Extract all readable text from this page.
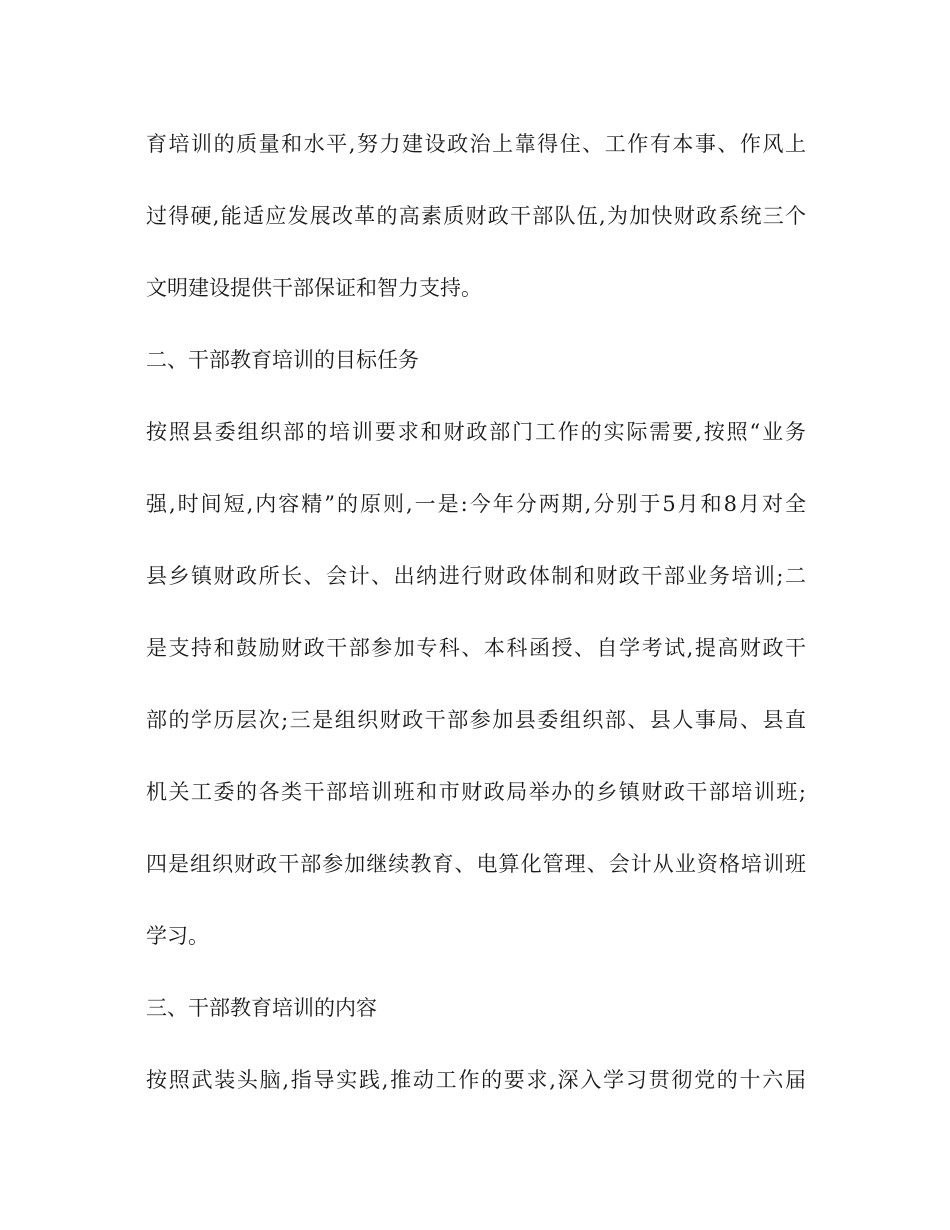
育培训的质量和水平,努力建设政治上靠得住、工作有本事、作风上
过得硬,能适应发展改革的高素质财政干部队伍,为加快财政系统三个
文明建设提供干部保证和智力支持。
二、干部教育培训的目标任务
按照县委组织部的培训要求和财政部门工作的实际需要,按照“业务
强,时间短,内容精”的原则,一是:今年分两期,分别于5月和8月对全
县乡镇财政所长、会计、出纳进行财政体制和财政干部业务培训;二
是支持和鼓励财政干部参加专科、本科函授、自学考试,提高财政干
部的学历层次;三是组织财政干部参加县委组织部、县人事局、县直
机关工委的各类干部培训班和市财政局举办的乡镇财政干部培训班;
四是组织财政干部参加继续教育、电算化管理、会计从业资格培训班
学习。
三、干部教育培训的内容
按照武装头脑,指导实践,推动工作的要求,深入学习贯彻党的十六届
